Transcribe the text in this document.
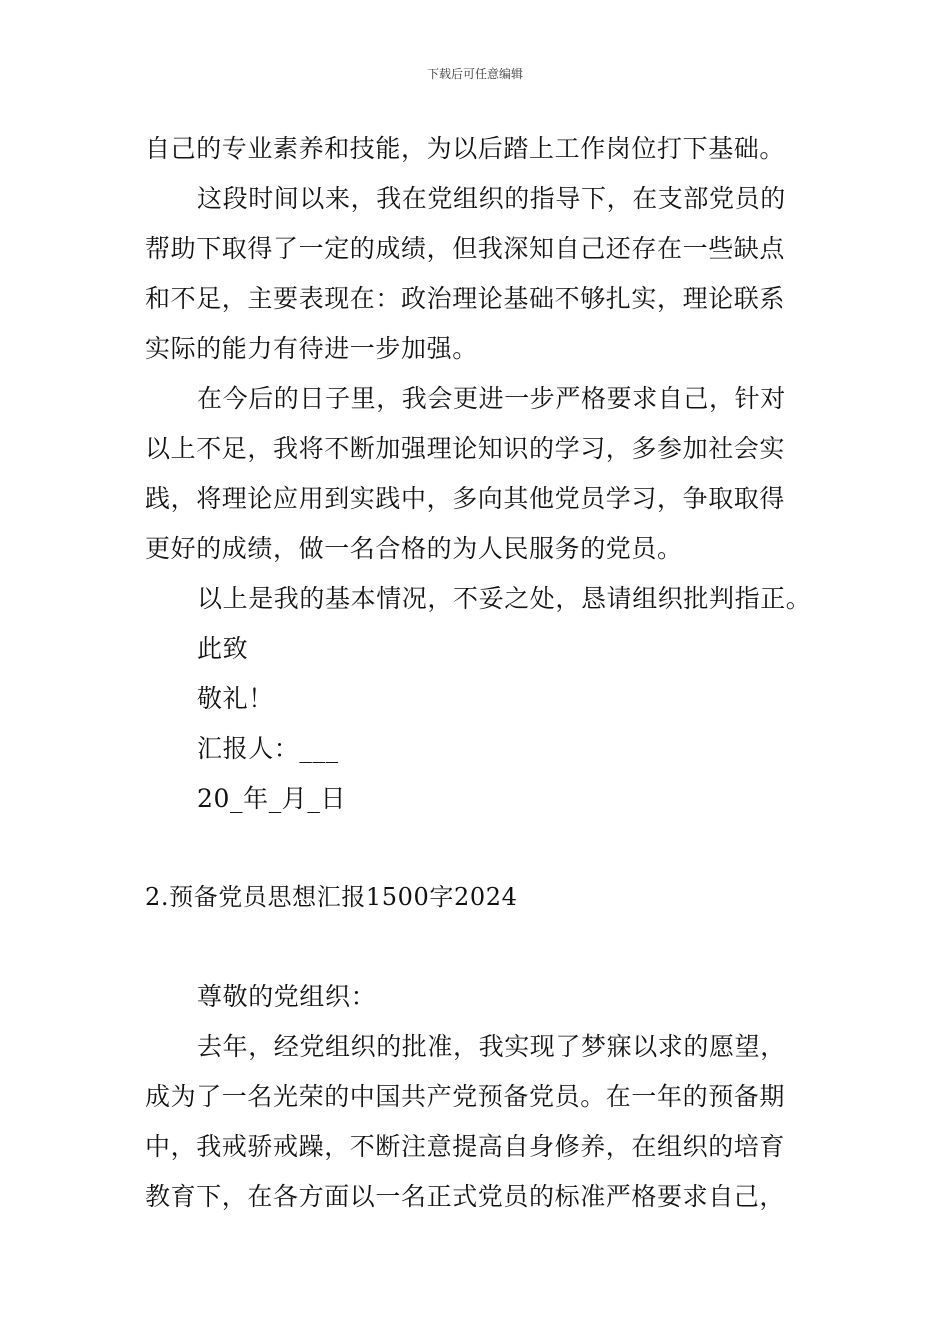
下载后可任意编辑
自己的专业素养和技能，为以后踏上工作岗位打下基础。
这段时间以来，我在党组织的指导下，在支部党员的
帮助下取得了一定的成绩，但我深知自己还存在一些缺点
和不足，主要表现在：政治理论基础不够扎实，理论联系
实际的能力有待进一步加强。
在今后的日子里，我会更进一步严格要求自己，针对
以上不足，我将不断加强理论知识的学习，多参加社会实
践，将理论应用到实践中，多向其他党员学习，争取取得
更好的成绩，做一名合格的为人民服务的党员。
以上是我的基本情况，不妥之处，恳请组织批判指正。
此致
敬礼！
汇报人：___
20_年_月_日
2.预备党员思想汇报1500字2024
尊敬的党组织：
去年，经党组织的批准，我实现了梦寐以求的愿望，
成为了一名光荣的中国共产党预备党员。在一年的预备期
中，我戒骄戒躁，不断注意提高自身修养，在组织的培育
教育下，在各方面以一名正式党员的标准严格要求自己，
